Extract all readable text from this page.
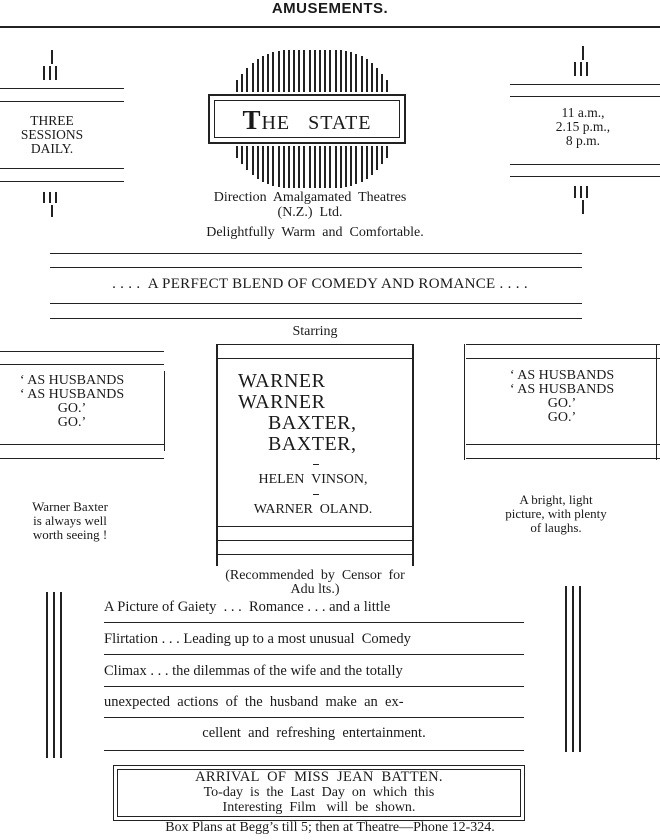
AMUSEMENTS.
THREE
SESSIONS
DAILY.
11 a.m.,
2.15 p.m.,
8 p.m.
THE   STATE
Direction  Amalgamated  Theatres
(N.Z.)  Ltd.
Delightfully  Warm  and  Comfortable.
. . . .  A PERFECT BLEND OF COMEDY AND ROMANCE . . . .
Starring
‘ AS HUSBANDS
‘ AS HUSBANDS
GO.’
GO.’
‘ AS HUSBANDS
‘ AS HUSBANDS
GO.’
GO.’
WARNER
WARNER
BAXTER,
BAXTER,
HELEN  VINSON,
WARNER  OLAND.
Warner Baxter
is always well
worth seeing !
A bright, light
picture, with plenty
of laughs.
(Recommended  by  Censor  for
Adu lts.)
A Picture of Gaiety  . . .  Romance . . . and a little
Flirtation . . . Leading up to a most unusual  Comedy
Climax . . . the dilemmas of the wife and the totally
unexpected  actions  of  the  husband  make  an  ex-
cellent  and  refreshing  entertainment.
ARRIVAL  OF  MISS  JEAN  BATTEN.
To-day  is  the  Last  Day  on  which  this
Interesting  Film   will  be  shown.
Box Plans at Begg’s till 5; then at Theatre—Phone 12-324.
